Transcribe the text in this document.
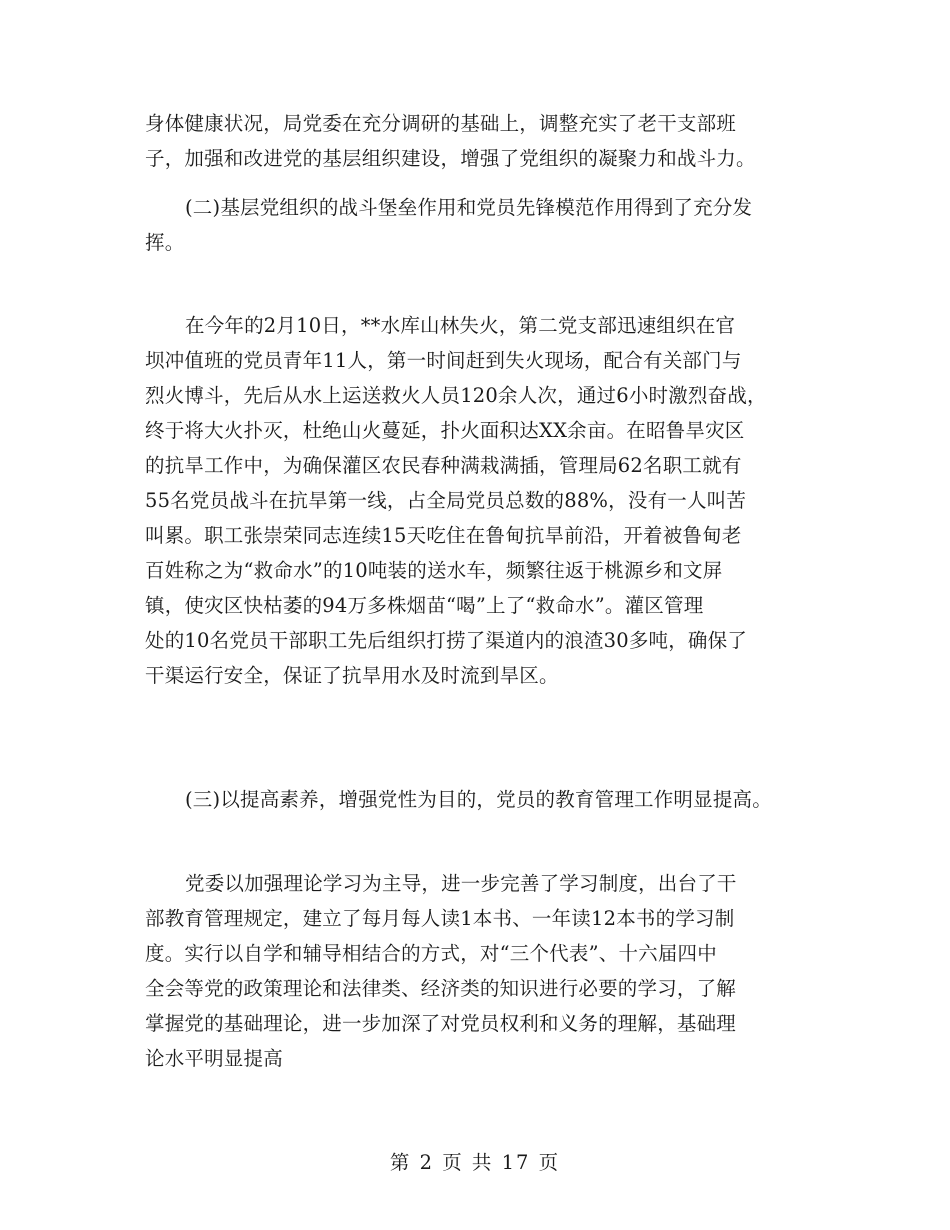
身体健康状况，局党委在充分调研的基础上，调整充实了老干支部班
子，加强和改进党的基层组织建设，增强了党组织的凝聚力和战斗力。
(二)基层党组织的战斗堡垒作用和党员先锋模范作用得到了充分发
挥。
在今年的2月10日，**水库山林失火，第二党支部迅速组织在官
坝冲值班的党员青年11人，第一时间赶到失火现场，配合有关部门与
烈火博斗，先后从水上运送救火人员120余人次，通过6小时激烈奋战，
终于将大火扑灭，杜绝山火蔓延，扑火面积达XX余亩。在昭鲁旱灾区
的抗旱工作中，为确保灌区农民春种满栽满插，管理局62名职工就有
55名党员战斗在抗旱第一线，占全局党员总数的88%，没有一人叫苦
叫累。职工张崇荣同志连续15天吃住在鲁甸抗旱前沿，开着被鲁甸老
百姓称之为“救命水”的10吨装的送水车，频繁往返于桃源乡和文屏
镇，使灾区快枯萎的94万多株烟苗“喝”上了“救命水”。灌区管理
处的10名党员干部职工先后组织打捞了渠道内的浪渣30多吨，确保了
干渠运行安全，保证了抗旱用水及时流到旱区。
(三)以提高素养，增强党性为目的，党员的教育管理工作明显提高。
党委以加强理论学习为主导，进一步完善了学习制度，出台了干
部教育管理规定，建立了每月每人读1本书、一年读12本书的学习制
度。实行以自学和辅导相结合的方式，对“三个代表”、十六届四中
全会等党的政策理论和法律类、经济类的知识进行必要的学习，了解
掌握党的基础理论，进一步加深了对党员权利和义务的理解，基础理
论水平明显提高
第 2 页 共 17 页
